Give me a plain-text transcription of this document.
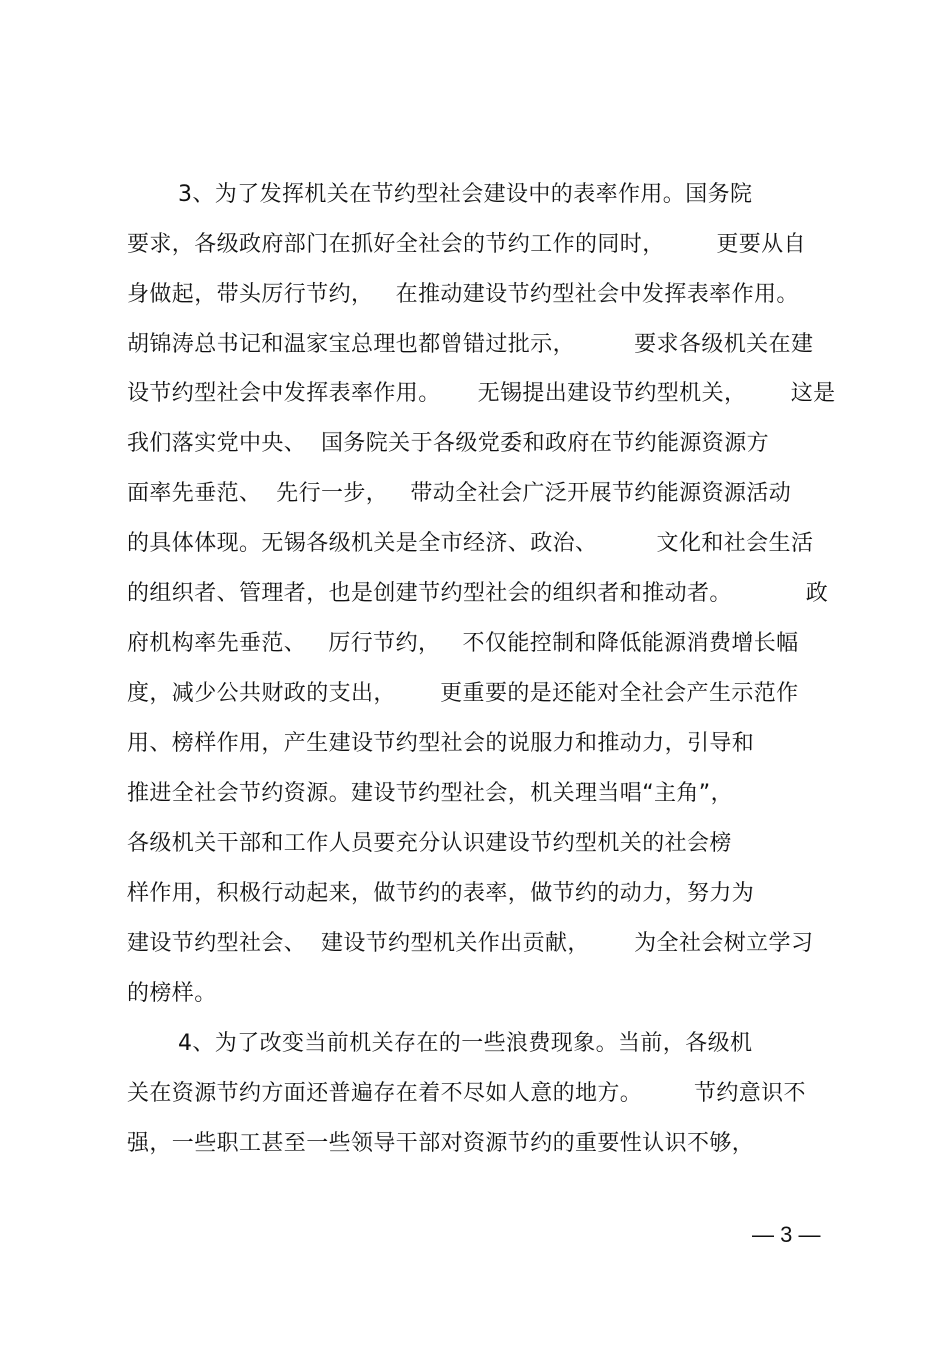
3、为了发挥机关在节约型社会建设中的表率作用。国务院
要求，各级政府部门在抓好全社会的节约工作的同时，       更要从自
身做起，带头厉行节约，   在推动建设节约型社会中发挥表率作用。
胡锦涛总书记和温家宝总理也都曾错过批示，        要求各级机关在建
设节约型社会中发挥表率作用。     无锡提出建设节约型机关，      这是
我们落实党中央、  国务院关于各级党委和政府在节约能源资源方
面率先垂范、  先行一步，   带动全社会广泛开展节约能源资源活动
的具体体现。无锡各级机关是全市经济、政治、        文化和社会生活
的组织者、管理者，也是创建节约型社会的组织者和推动者。          政
府机构率先垂范、   厉行节约，   不仅能控制和降低能源消费增长幅
度，减少公共财政的支出，      更重要的是还能对全社会产生示范作
用、榜样作用，产生建设节约型社会的说服力和推动力，引导和
推进全社会节约资源。建设节约型社会，机关理当唱“主角”，
各级机关干部和工作人员要充分认识建设节约型机关的社会榜
样作用，积极行动起来，做节约的表率，做节约的动力，努力为
建设节约型社会、  建设节约型机关作出贡献，      为全社会树立学习
的榜样。
4、为了改变当前机关存在的一些浪费现象。当前，各级机
关在资源节约方面还普遍存在着不尽如人意的地方。       节约意识不
强，一些职工甚至一些领导干部对资源节约的重要性认识不够，
— 3 —
